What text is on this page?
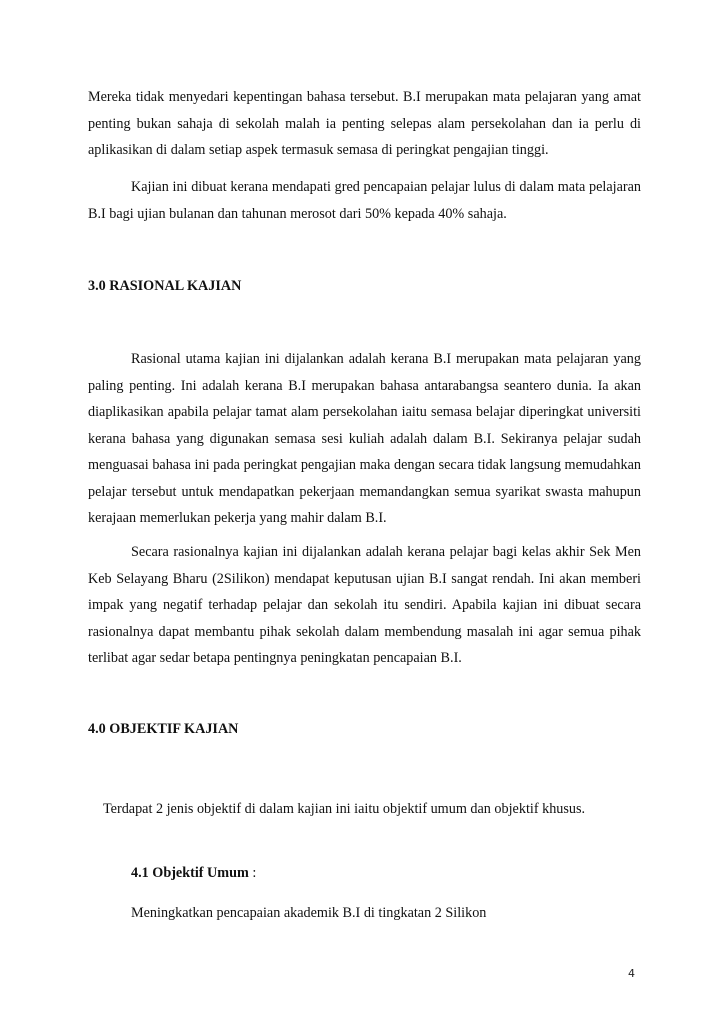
Mereka tidak menyedari kepentingan bahasa tersebut. B.I merupakan mata pelajaran yang amat penting bukan sahaja di sekolah malah ia penting selepas alam persekolahan dan ia perlu di aplikasikan di dalam setiap aspek termasuk semasa di peringkat pengajian tinggi.

Kajian ini dibuat kerana mendapati gred pencapaian pelajar lulus di dalam mata pelajaran B.I bagi ujian bulanan dan tahunan merosot dari 50% kepada 40% sahaja.

3.0 RASIONAL KAJIAN

Rasional utama kajian ini dijalankan adalah kerana B.I merupakan mata pelajaran yang paling penting. Ini adalah kerana B.I merupakan bahasa antarabangsa seantero dunia. Ia akan diaplikasikan apabila pelajar tamat alam persekolahan iaitu semasa belajar diperingkat universiti kerana bahasa yang digunakan semasa sesi kuliah adalah dalam B.I. Sekiranya pelajar sudah menguasai bahasa ini pada peringkat pengajian maka dengan secara tidak langsung memudahkan pelajar tersebut untuk mendapatkan pekerjaan memandangkan semua syarikat swasta mahupun kerajaan memerlukan pekerja yang mahir dalam B.I.

Secara rasionalnya kajian ini dijalankan adalah kerana pelajar bagi kelas akhir Sek Men Keb Selayang Bharu (2Silikon) mendapat keputusan ujian B.I sangat rendah. Ini akan memberi impak yang negatif terhadap pelajar dan sekolah itu sendiri. Apabila kajian ini dibuat secara rasionalnya dapat membantu pihak sekolah dalam membendung masalah ini agar semua pihak terlibat agar sedar betapa pentingnya peningkatan pencapaian B.I.

4.0 OBJEKTIF KAJIAN

Terdapat 2 jenis objektif di dalam kajian ini iaitu objektif umum dan objektif khusus.

4.1 Objektif Umum :

Meningkatkan pencapaian akademik B.I di tingkatan 2 Silikon

4
